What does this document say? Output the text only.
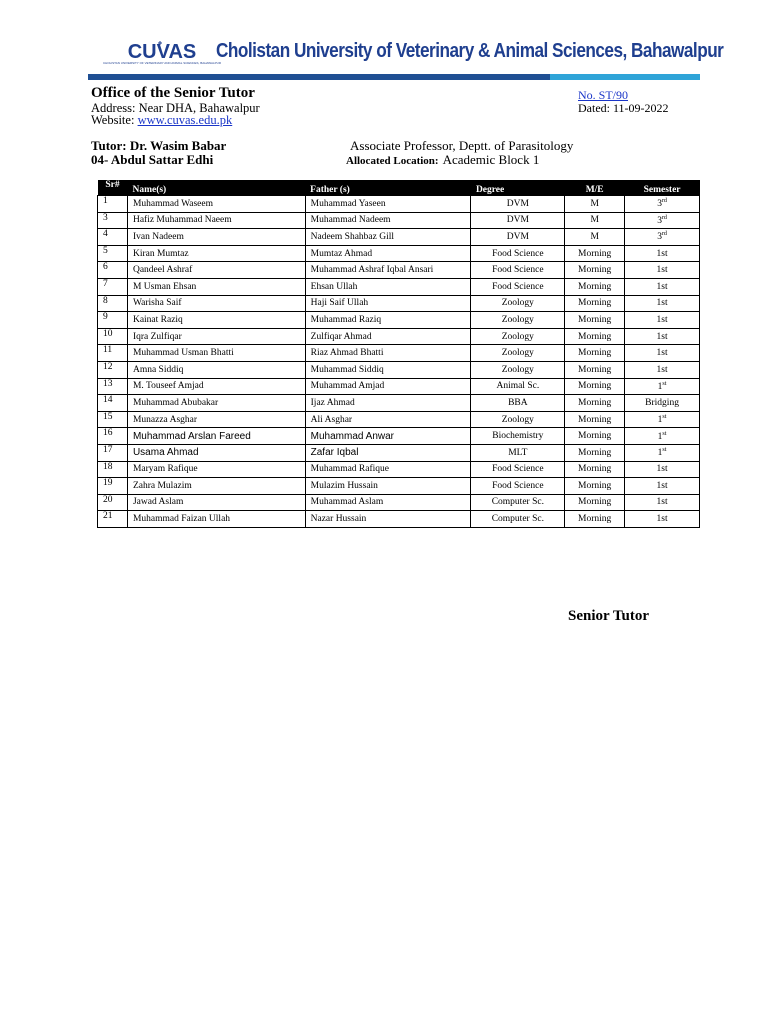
CUVAS
CHOLISTAN UNIVERSITY OF VETERINARY AND ANIMAL SCIENCES, BAHAWALPUR
Cholistan University of Veterinary & Animal Sciences, Bahawalpur
Office of the Senior Tutor
Address: Near DHA, Bahawalpur
Website: www.cuvas.edu.pk
No. ST/90
Dated: 11-09-2022
Tutor: Dr. Wasim Babar	Associate Professor, Deptt. of Parasitology
04- Abdul Sattar Edhi	Allocated Location: Academic Block 1
Sr#	Name(s)	Father (s)	Degree	M/E	Semester
1	Muhammad Waseem	Muhammad Yaseen	DVM	M	3rd
3	Hafiz Muhammad Naeem	Muhammad Nadeem	DVM	M	3rd
4	Ivan Nadeem	Nadeem Shahbaz Gill	DVM	M	3rd
5	Kiran Mumtaz	Mumtaz Ahmad	Food Science	Morning	1st
6	Qandeel Ashraf	Muhammad Ashraf Iqbal Ansari	Food Science	Morning	1st
7	M Usman Ehsan	Ehsan Ullah	Food Science	Morning	1st
8	Warisha Saif	Haji Saif Ullah	Zoology	Morning	1st
9	Kainat Raziq	Muhammad Raziq	Zoology	Morning	1st
10	Iqra Zulfiqar	Zulfiqar Ahmad	Zoology	Morning	1st
11	Muhammad Usman Bhatti	Riaz Ahmad Bhatti	Zoology	Morning	1st
12	Amna Siddiq	Muhammad Siddiq	Zoology	Morning	1st
13	M. Touseef Amjad	Muhammad Amjad	Animal Sc.	Morning	1st
14	Muhammad Abubakar	Ijaz Ahmad	BBA	Morning	Bridging
15	Munazza Asghar	Ali Asghar	Zoology	Morning	1st
16	Muhammad Arslan Fareed	Muhammad Anwar	Biochemistry	Morning	1st
17	Usama Ahmad	Zafar Iqbal	MLT	Morning	1st
18	Maryam Rafique	Muhammad Rafique	Food Science	Morning	1st
19	Zahra Mulazim	Mulazim Hussain	Food Science	Morning	1st
20	Jawad Aslam	Muhammad Aslam	Computer Sc.	Morning	1st
21	Muhammad Faizan Ullah	Nazar Hussain	Computer Sc.	Morning	1st
Senior Tutor
